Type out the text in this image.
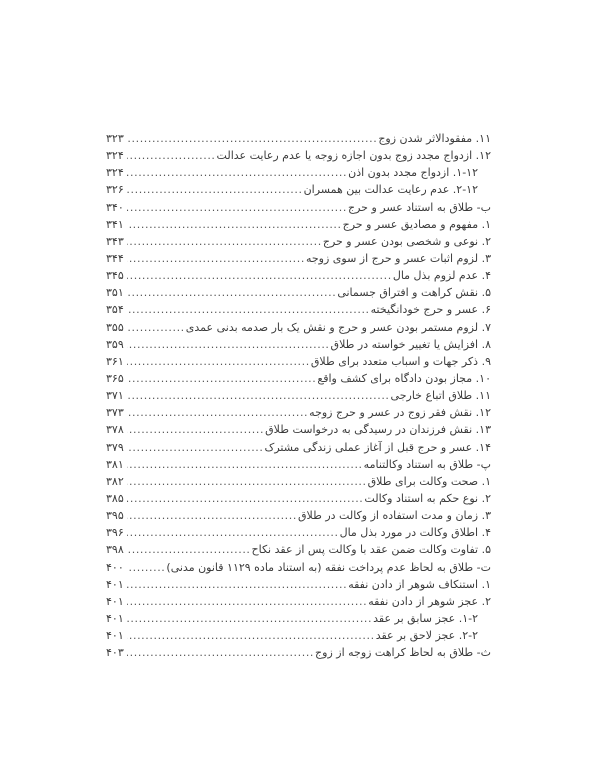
۱۱. مفقودالاثر شدن زوج
.....
۳۲۳
۱۲. ازدواج مجدد زوج بدون اجازه زوجه یا عدم رعایت عدالت
.....
۳۲۴
۱-۱۲. ازدواج مجدد بدون اذن
.....
۳۲۴
۲-۱۲. عدم رعایت عدالت بین همسران
.....
۳۲۶
ب- طلاق به استناد عسر و حرج
.....
۳۴۰
۱. مفهوم و مصادیق عسر و حرج
.....
۳۴۱
۲. نوعی و شخصی بودن عسر و حرج
.....
۳۴۳
۳. لزوم اثبات عسر و حرج از سوی زوجه
.....
۳۴۴
۴. عدم لزوم بذل مال
.....
۳۴۵
۵. نقش کراهت و افتراق جسمانی
.....
۳۵۱
۶. عسر و حرج خودانگیخته
.....
۳۵۴
۷. لزوم مستمر بودن عسر و حرج و نقش یک بار صدمه بدنی عمدی
.....
۳۵۵
۸. افزایش یا تغییر خواسته در طلاق
.....
۳۵۹
۹. ذکر جهات و اسباب متعدد برای طلاق
.....
۳۶۱
۱۰. مجاز بودن دادگاه برای کشف واقع
.....
۳۶۵
۱۱. طلاق اتباع خارجی
.....
۳۷۱
۱۲. نقش فقر زوج در عسر و حرج زوجه
.....
۳۷۳
۱۳. نقش فرزندان در رسیدگی به درخواست طلاق
.....
۳۷۸
۱۴. عسر و حرج قبل از آغاز عملی زندگی مشترک
.....
۳۷۹
پ- طلاق به استناد وکالتنامه
.....
۳۸۱
۱. صحت وکالت برای طلاق
.....
۳۸۲
۲. نوع حکم به استناد وکالت
.....
۳۸۵
۳. زمان و مدت استفاده از وکالت در طلاق
.....
۳۹۵
۴. اطلاق وکالت در مورد بذل مال
.....
۳۹۶
۵. تفاوت وکالت ضمن عقد با وکالت پس از عقد نکاح
.....
۳۹۸
ت- طلاق به لحاظ عدم پرداخت نفقه (به استناد ماده ۱۱۲۹ قانون مدنی)
.....
۴۰۰
۱. استنکاف شوهر از دادن نفقه
.....
۴۰۱
۲. عجز شوهر از دادن نفقه
.....
۴۰۱
۱-۲. عجز سابق بر عقد
.....
۴۰۱
۲-۲. عجز لاحق بر عقد
.....
۴۰۱
ث- طلاق به لحاظ کراهت زوجه از زوج
.....
۴۰۳
